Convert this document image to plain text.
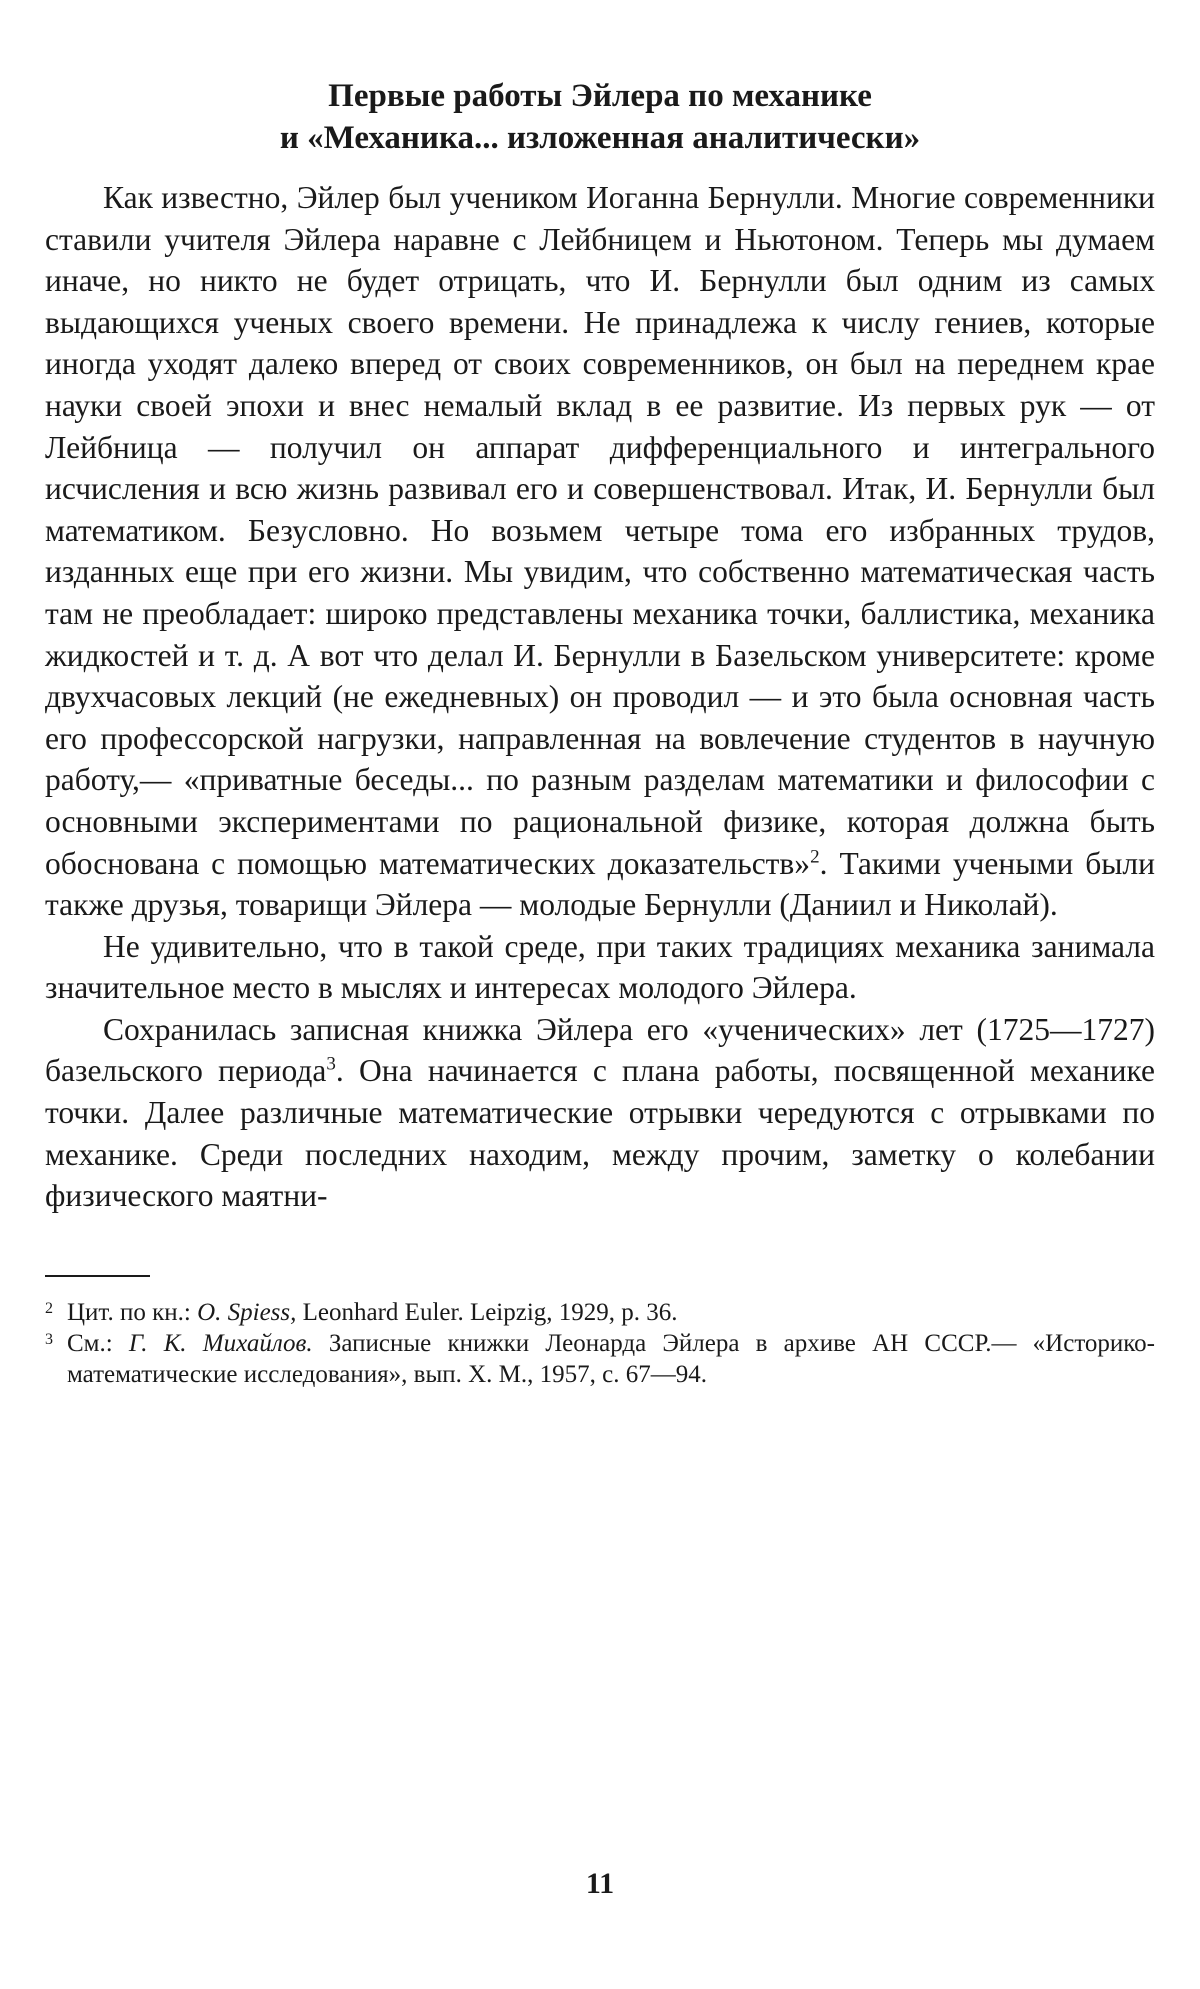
Первые работы Эйлера по механике
и «Механика... изложенная аналитически»

Как известно, Эйлер был учеником Иоганна Бернулли. Многие современники ставили учителя Эйлера наравне с Лейбницем и Ньютоном. Теперь мы думаем иначе, но никто не будет отрицать, что И. Бернулли был одним из самых выдающихся ученых своего времени. Не принадлежа к числу гениев, которые иногда уходят далеко вперед от своих современников, он был на переднем крае науки своей эпохи и внес немалый вклад в ее развитие. Из первых рук — от Лейбница — получил он аппарат дифференциального и интегрального исчисления и всю жизнь развивал его и совершенствовал. Итак, И. Бернулли был математиком. Безусловно. Но возьмем четыре тома его избранных трудов, изданных еще при его жизни. Мы увидим, что собственно математическая часть там не преобладает: широко представлены механика точки, баллистика, механика жидкостей и т. д. А вот что делал И. Бернулли в Базельском университете: кроме двухчасовых лекций (не ежедневных) он проводил — и это была основная часть его профессорской нагрузки, направленная на вовлечение студентов в научную работу,— «приватные беседы... по разным разделам математики и философии с основными экспериментами по рациональной физике, которая должна быть обоснована с помощью математических доказательств»$^2$. Такими учеными были также друзья, товарищи Эйлера — молодые Бернулли (Даниил и Николай).

Не удивительно, что в такой среде, при таких традициях механика занимала значительное место в мыслях и интересах молодого Эйлера.

Сохранилась записная книжка Эйлера его «ученических» лет (1725—1727) базельского периода$^3$. Она начинается с плана работы, посвященной механике точки. Далее различные математические отрывки чередуются с отрывками по механике. Среди последних находим, между прочим, заметку о колебании физического маятни-

2 Цит. по кн.: O. Spiess, Leonhard Euler. Leipzig, 1929, p. 36.
3 См.: Г. К. Михайлов. Записные книжки Леонарда Эйлера в архиве АН СССР.— «Историко-математические исследования», вып. X. М., 1957, с. 67—94.
11
